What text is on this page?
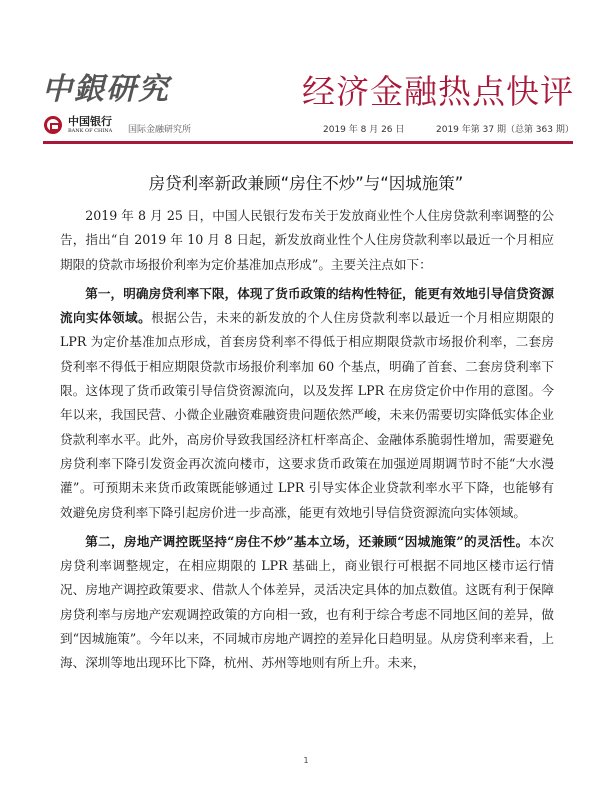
中銀研究	经济金融热点快评
中国银行
BANK OF CHINA 国际金融研究所	2019 年 8 月 26 日	2019 年第 37 期（总第 363 期）
房贷利率新政兼顾“房住不炒”与“因城施策”

2019 年 8 月 25 日，中国人民银行发布关于发放商业性个人住房贷款利率调整的公告，指出“自 2019 年 10 月 8 日起，新发放商业性个人住房贷款利率以最近一个月相应期限的贷款市场报价利率为定价基准加点形成”。主要关注点如下：

第一，明确房贷利率下限，体现了货币政策的结构性特征，能更有效地引导信贷资源流向实体领域。根据公告，未来的新发放的个人住房贷款利率以最近一个月相应期限的 LPR 为定价基准加点形成，首套房贷利率不得低于相应期限贷款市场报价利率，二套房贷利率不得低于相应期限贷款市场报价利率加 60 个基点，明确了首套、二套房贷利率下限。这体现了货币政策引导信贷资源流向，以及发挥 LPR 在房贷定价中作用的意图。今年以来，我国民营、小微企业融资难融资贵问题依然严峻，未来仍需要切实降低实体企业贷款利率水平。此外，高房价导致我国经济杠杆率高企、金融体系脆弱性增加，需要避免房贷利率下降引发资金再次流向楼市，这要求货币政策在加强逆周期调节时不能“大水漫灌”。可预期未来货币政策既能够通过 LPR 引导实体企业贷款利率水平下降，也能够有效避免房贷利率下降引起房价进一步高涨，能更有效地引导信贷资源流向实体领域。

第二，房地产调控既坚持“房住不炒”基本立场，还兼顾“因城施策”的灵活性。本次房贷利率调整规定，在相应期限的 LPR 基础上，商业银行可根据不同地区楼市运行情况、房地产调控政策要求、借款人个体差异，灵活决定具体的加点数值。这既有利于保障房贷利率与房地产宏观调控政策的方向相一致，也有利于综合考虑不同地区间的差异，做到“因城施策”。今年以来，不同城市房地产调控的差异化日趋明显。从房贷利率来看，上海、深圳等地出现环比下降，杭州、苏州等地则有所上升。未来，

1
